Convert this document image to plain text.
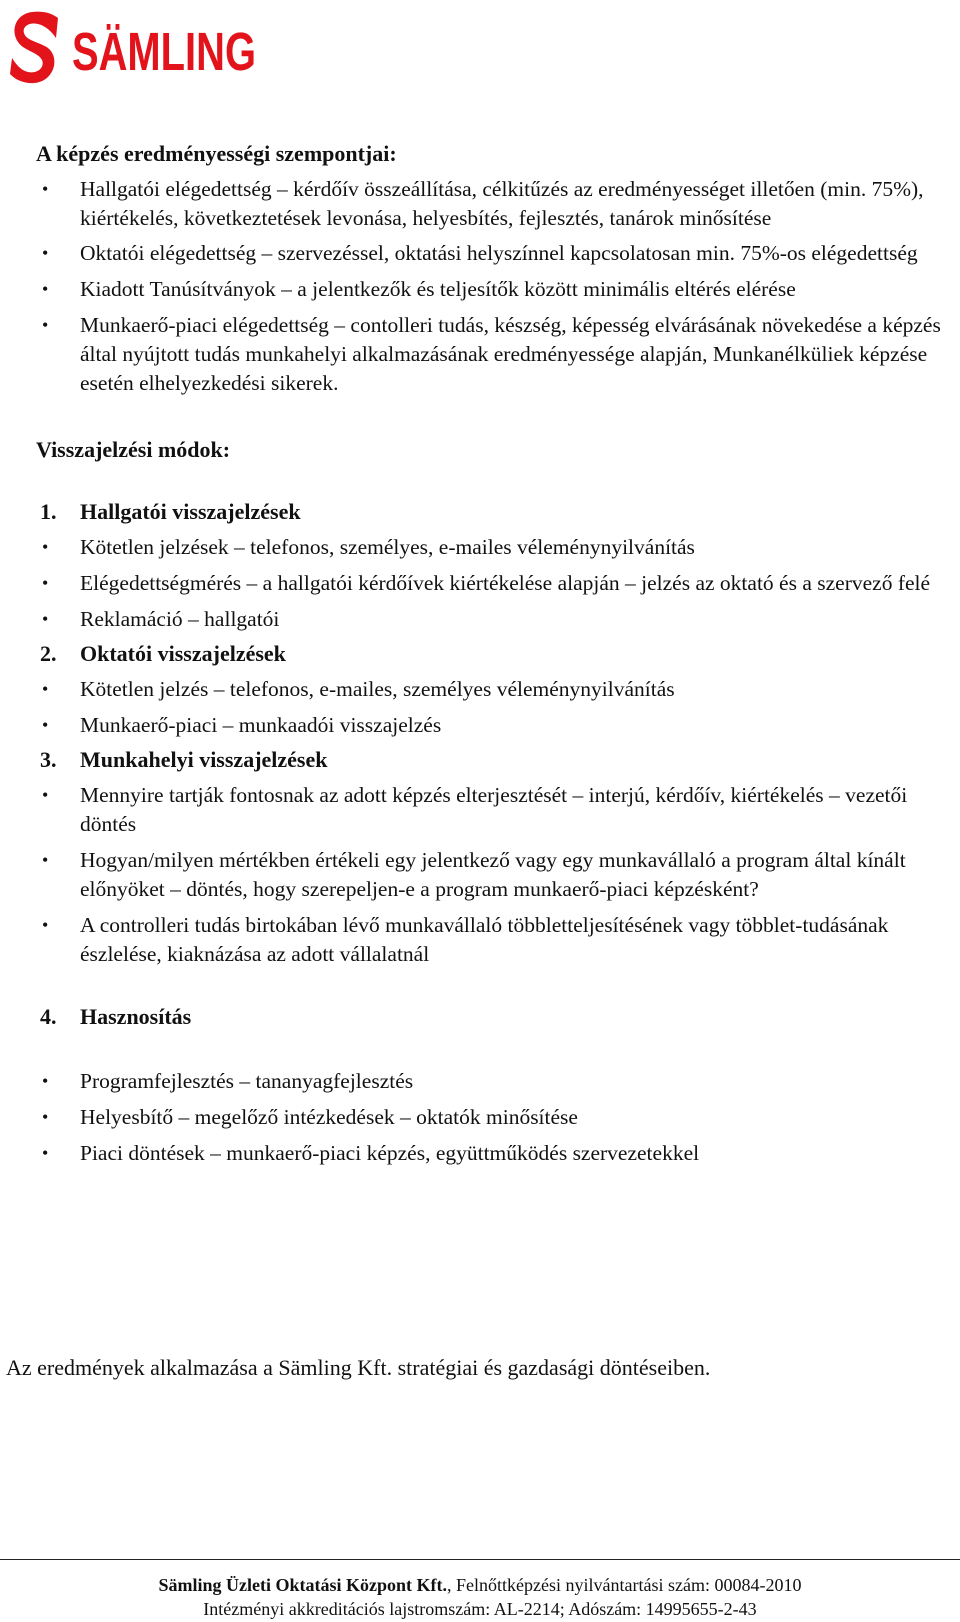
SÄMLING
A képzés eredményességi szempontjai:
• Hallgatói elégedettség – kérdőív összeállítása, célkitűzés az eredményességet illetően (min. 75%), kiértékelés, következtetések levonása, helyesbítés, fejlesztés, tanárok minősítése
• Oktatói elégedettség – szervezéssel, oktatási helyszínnel kapcsolatosan min. 75%-os elégedettség
• Kiadott Tanúsítványok – a jelentkezők és teljesítők között minimális eltérés elérése
• Munkaerő-piaci elégedettség – contolleri tudás, készség, képesség elvárásának növekedése a képzés által nyújtott tudás munkahelyi alkalmazásának eredményessége alapján, Munkanélküliek képzése esetén elhelyezkedési sikerek.
Visszajelzési módok:
1. Hallgatói visszajelzések
• Kötetlen jelzések – telefonos, személyes, e-mailes véleménynyilvánítás
• Elégedettségmérés – a hallgatói kérdőívek kiértékelése alapján – jelzés az oktató és a szervező felé
• Reklamáció – hallgatói
2. Oktatói visszajelzések
• Kötetlen jelzés – telefonos, e-mailes, személyes véleménynyilvánítás
• Munkaerő-piaci – munkaadói visszajelzés
3. Munkahelyi visszajelzések
• Mennyire tartják fontosnak az adott képzés elterjesztését – interjú, kérdőív, kiértékelés – vezetői döntés
• Hogyan/milyen mértékben értékeli egy jelentkező vagy egy munkavállaló a program által kínált előnyöket – döntés, hogy szerepeljen-e a program munkaerő-piaci képzésként?
• A controlleri tudás birtokában lévő munkavállaló többletteljesítésének vagy többlet-tudásának észlelése, kiaknázása az adott vállalatnál
4. Hasznosítás
• Programfejlesztés – tananyagfejlesztés
• Helyesbítő – megelőző intézkedések – oktatók minősítése
• Piaci döntések – munkaerő-piaci képzés, együttműködés szervezetekkel
Az eredmények alkalmazása a Sämling Kft. stratégiai és gazdasági döntéseiben.
Sämling Üzleti Oktatási Központ Kft., Felnőttképzési nyilvántartási szám: 00084-2010
Intézményi akkreditációs lajstromszám: AL-2214; Adószám: 14995655-2-43
